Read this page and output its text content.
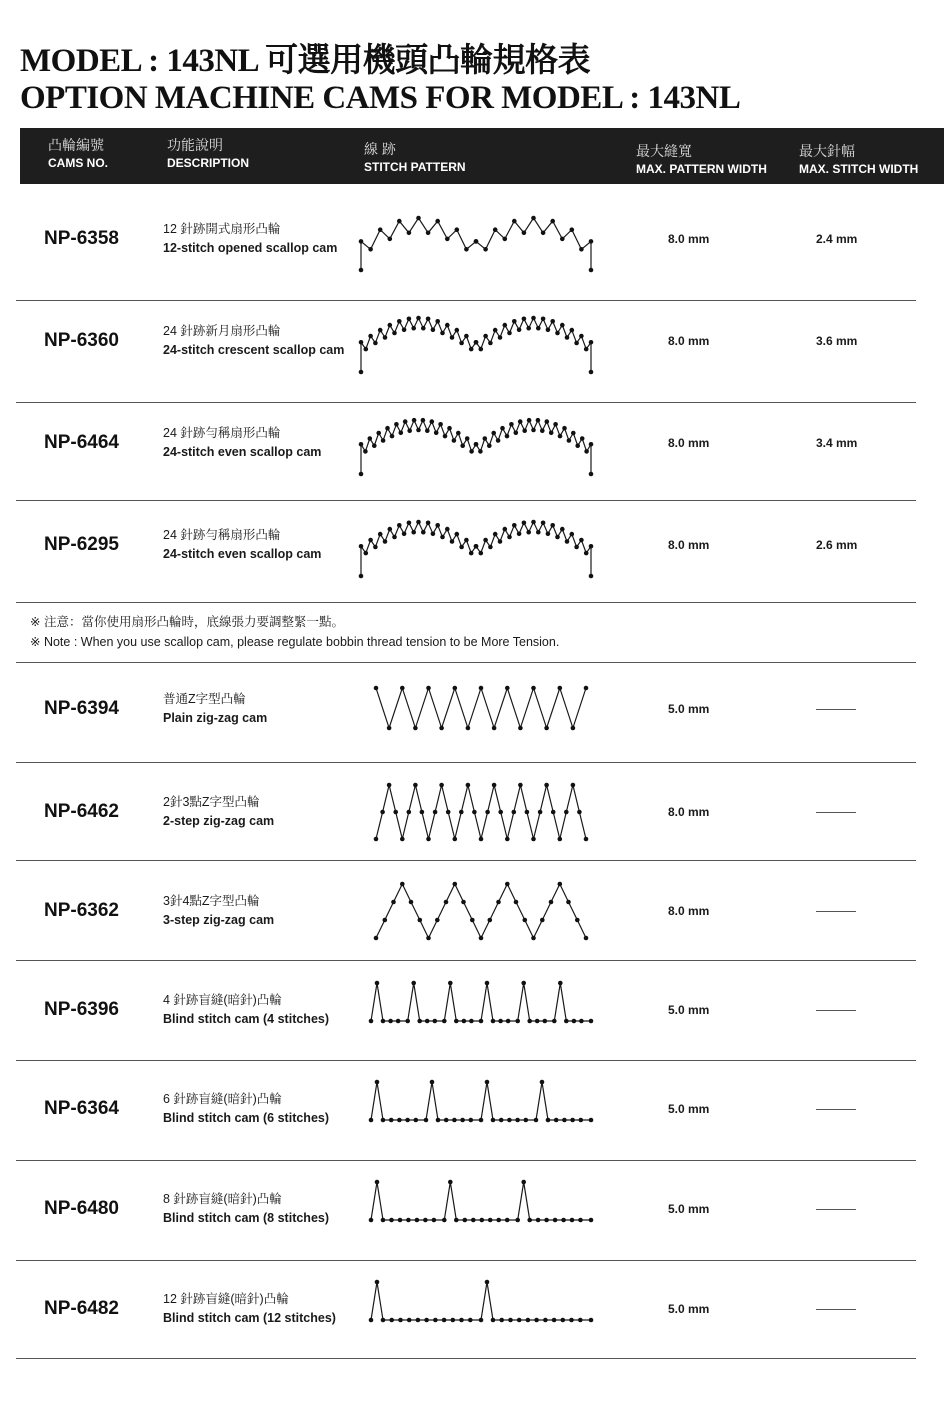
MODEL : 143NL 可選用機頭凸輪規格表
OPTION MACHINE CAMS FOR MODEL : 143NL
凸輪編號
CAMS NO.
功能說明
DESCRIPTION
線 跡
STITCH PATTERN
最大縫寬
MAX. PATTERN WIDTH
最大針幅
MAX. STITCH WIDTH
NP-6358	12 針跡開式扇形凸輪
12-stitch opened scallop cam
8.0 mm	2.4 mm
NP-6360	24 針跡新月扇形凸輪
24-stitch crescent scallop cam
8.0 mm	3.6 mm
NP-6464	24 針跡勻稱扇形凸輪
24-stitch even scallop cam
8.0 mm	3.4 mm
NP-6295	24 針跡勻稱扇形凸輪
24-stitch even scallop cam
8.0 mm	2.6 mm
NP-6394	普通Z字型凸輪
Plain zig-zag cam
5.0 mm
NP-6462	2針3點Z字型凸輪
2-step zig-zag cam
8.0 mm
NP-6362	3針4點Z字型凸輪
3-step zig-zag cam
8.0 mm
NP-6396	4 針跡盲縫(暗針)凸輪
Blind stitch cam (4 stitches)
5.0 mm
NP-6364	6 針跡盲縫(暗針)凸輪
Blind stitch cam (6 stitches)
5.0 mm
NP-6480	8 針跡盲縫(暗針)凸輪
Blind stitch cam (8 stitches)
5.0 mm
NP-6482	12 針跡盲縫(暗針)凸輪
Blind stitch cam (12 stitches)
5.0 mm
※ 注意：當你使用扇形凸輪時，底線張力要調整緊一點。
※ Note : When you use scallop cam, please regulate bobbin thread tension to be More Tension.
